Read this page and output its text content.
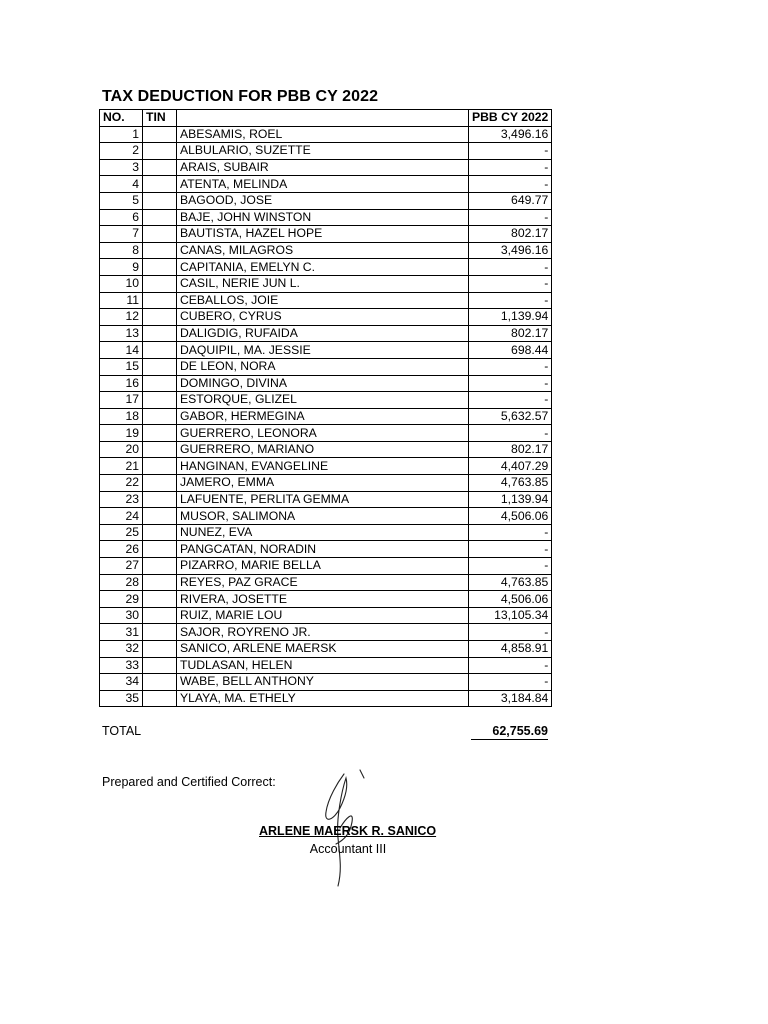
TAX DEDUCTION FOR PBB CY 2022
NO.	TIN		PBB CY 2022
1		ABESAMIS, ROEL	3,496.16
2		ALBULARIO, SUZETTE	-
3		ARAIS, SUBAIR	-
4		ATENTA, MELINDA	-
5		BAGOOD, JOSE	649.77
6		BAJE, JOHN WINSTON	-
7		BAUTISTA, HAZEL HOPE	802.17
8		CANAS, MILAGROS	3,496.16
9		CAPITANIA, EMELYN C.	-
10		CASIL, NERIE JUN L.	-
11		CEBALLOS, JOIE	-
12		CUBERO, CYRUS	1,139.94
13		DALIGDIG, RUFAIDA	802.17
14		DAQUIPIL, MA. JESSIE	698.44
15		DE LEON, NORA	-
16		DOMINGO, DIVINA	-
17		ESTORQUE, GLIZEL	-
18		GABOR, HERMEGINA	5,632.57
19		GUERRERO, LEONORA	-
20		GUERRERO, MARIANO	802.17
21		HANGINAN, EVANGELINE	4,407.29
22		JAMERO, EMMA	4,763.85
23		LAFUENTE, PERLITA GEMMA	1,139.94
24		MUSOR, SALIMONA	4,506.06
25		NUNEZ, EVA	-
26		PANGCATAN, NORADIN	-
27		PIZARRO, MARIE BELLA	-
28		REYES, PAZ GRACE	4,763.85
29		RIVERA, JOSETTE	4,506.06
30		RUIZ, MARIE LOU	13,105.34
31		SAJOR, ROYRENO JR.	-
32		SANICO, ARLENE MAERSK	4,858.91
33		TUDLASAN, HELEN	-
34		WABE, BELL ANTHONY	-
35		YLAYA, MA. ETHELY	3,184.84
TOTAL	62,755.69
Prepared and Certified Correct:
ARLENE MAERSK R. SANICO
Accountant III
